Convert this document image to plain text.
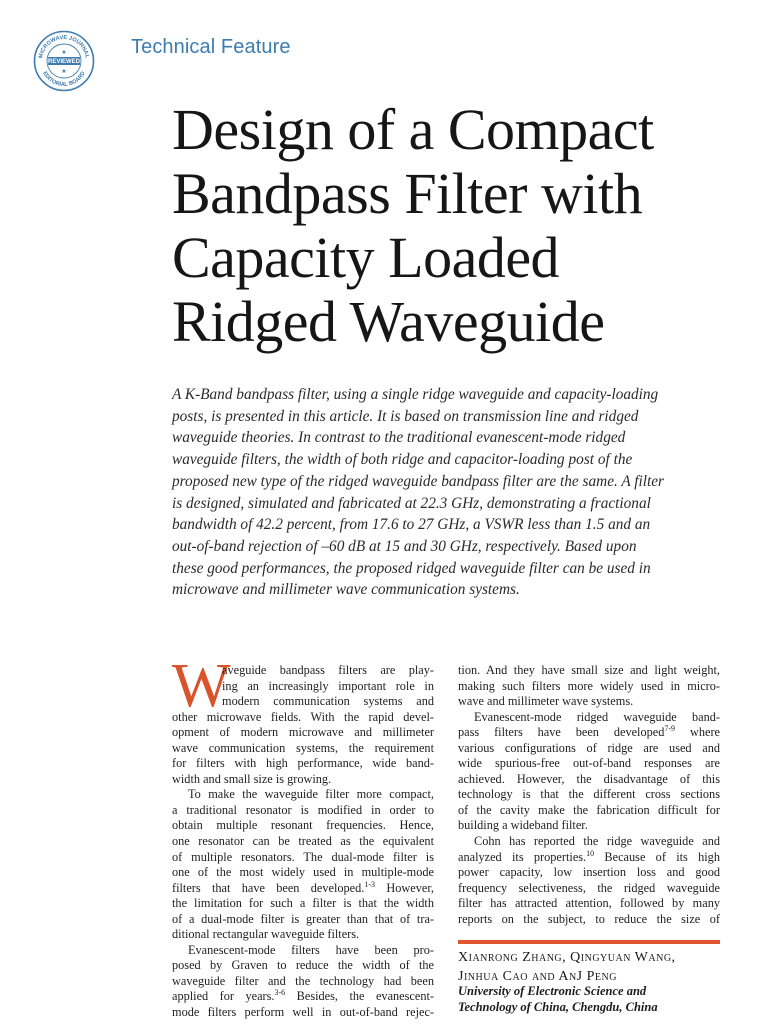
MICROWAVE JOURNAL
EDITORIAL BOARD
REVIEWED
★
★
Technical Feature
Design of a Compact
Bandpass Filter with
Capacity Loaded
Ridged Waveguide
A K-Band bandpass filter, using a single ridge waveguide and capacity-loading
posts, is presented in this article. It is based on transmission line and ridged
waveguide theories. In contrast to the traditional evanescent-mode ridged
waveguide filters, the width of both ridge and capacitor-loading post of the
proposed new type of the ridged waveguide bandpass filter are the same. A filter
is designed, simulated and fabricated at 22.3 GHz, demonstrating a fractional
bandwidth of 42.2 percent, from 17.6 to 27 GHz, a VSWR less than 1.5 and an
out-of-band rejection of –60 dB at 15 and 30 GHz, respectively. Based upon
these good performances, the proposed ridged waveguide filter can be used in
microwave and millimeter wave communication systems.
W
aveguide bandpass filters are play-
ing an increasingly important role in
modern communication systems and
other microwave fields. With the rapid devel-
opment of modern microwave and millimeter
wave communication systems, the requirement
for filters with high performance, wide band-
width and small size is growing.
To make the waveguide filter more compact,
a traditional resonator is modified in order to
obtain multiple resonant frequencies. Hence,
one resonator can be treated as the equivalent
of multiple resonators. The dual-mode filter is
one of the most widely used in multiple-mode
filters that have been developed.$^{1-3}$ However,
the limitation for such a filter is that the width
of a dual-mode filter is greater than that of tra-
ditional rectangular waveguide filters.
Evanescent-mode filters have been pro-
posed by Graven to reduce the width of the
waveguide filter and the technology had been
applied for years.$^{3-6}$ Besides, the evanescent-
mode filters perform well in out-of-band rejec-
tion. And they have small size and light weight,
making such filters more widely used in micro-
wave and millimeter wave systems.
Evanescent-mode ridged waveguide band-
pass filters have been developed$^{7-9}$ where
various configurations of ridge are used and
wide spurious-free out-of-band responses are
achieved. However, the disadvantage of this
technology is that the different cross sections
of the cavity make the fabrication difficult for
building a wideband filter.
Cohn has reported the ridge waveguide and
analyzed its properties.$^{10}$ Because of its high
power capacity, low insertion loss and good
frequency selectiveness, the ridged waveguide
filter has attracted attention, followed by many
reports on the subject, to reduce the size of
Xianrong Zhang, Qingyuan Wang,
Jinhua Cao and AnJ Peng
University of Electronic Science and
Technology of China, Chengdu, China
